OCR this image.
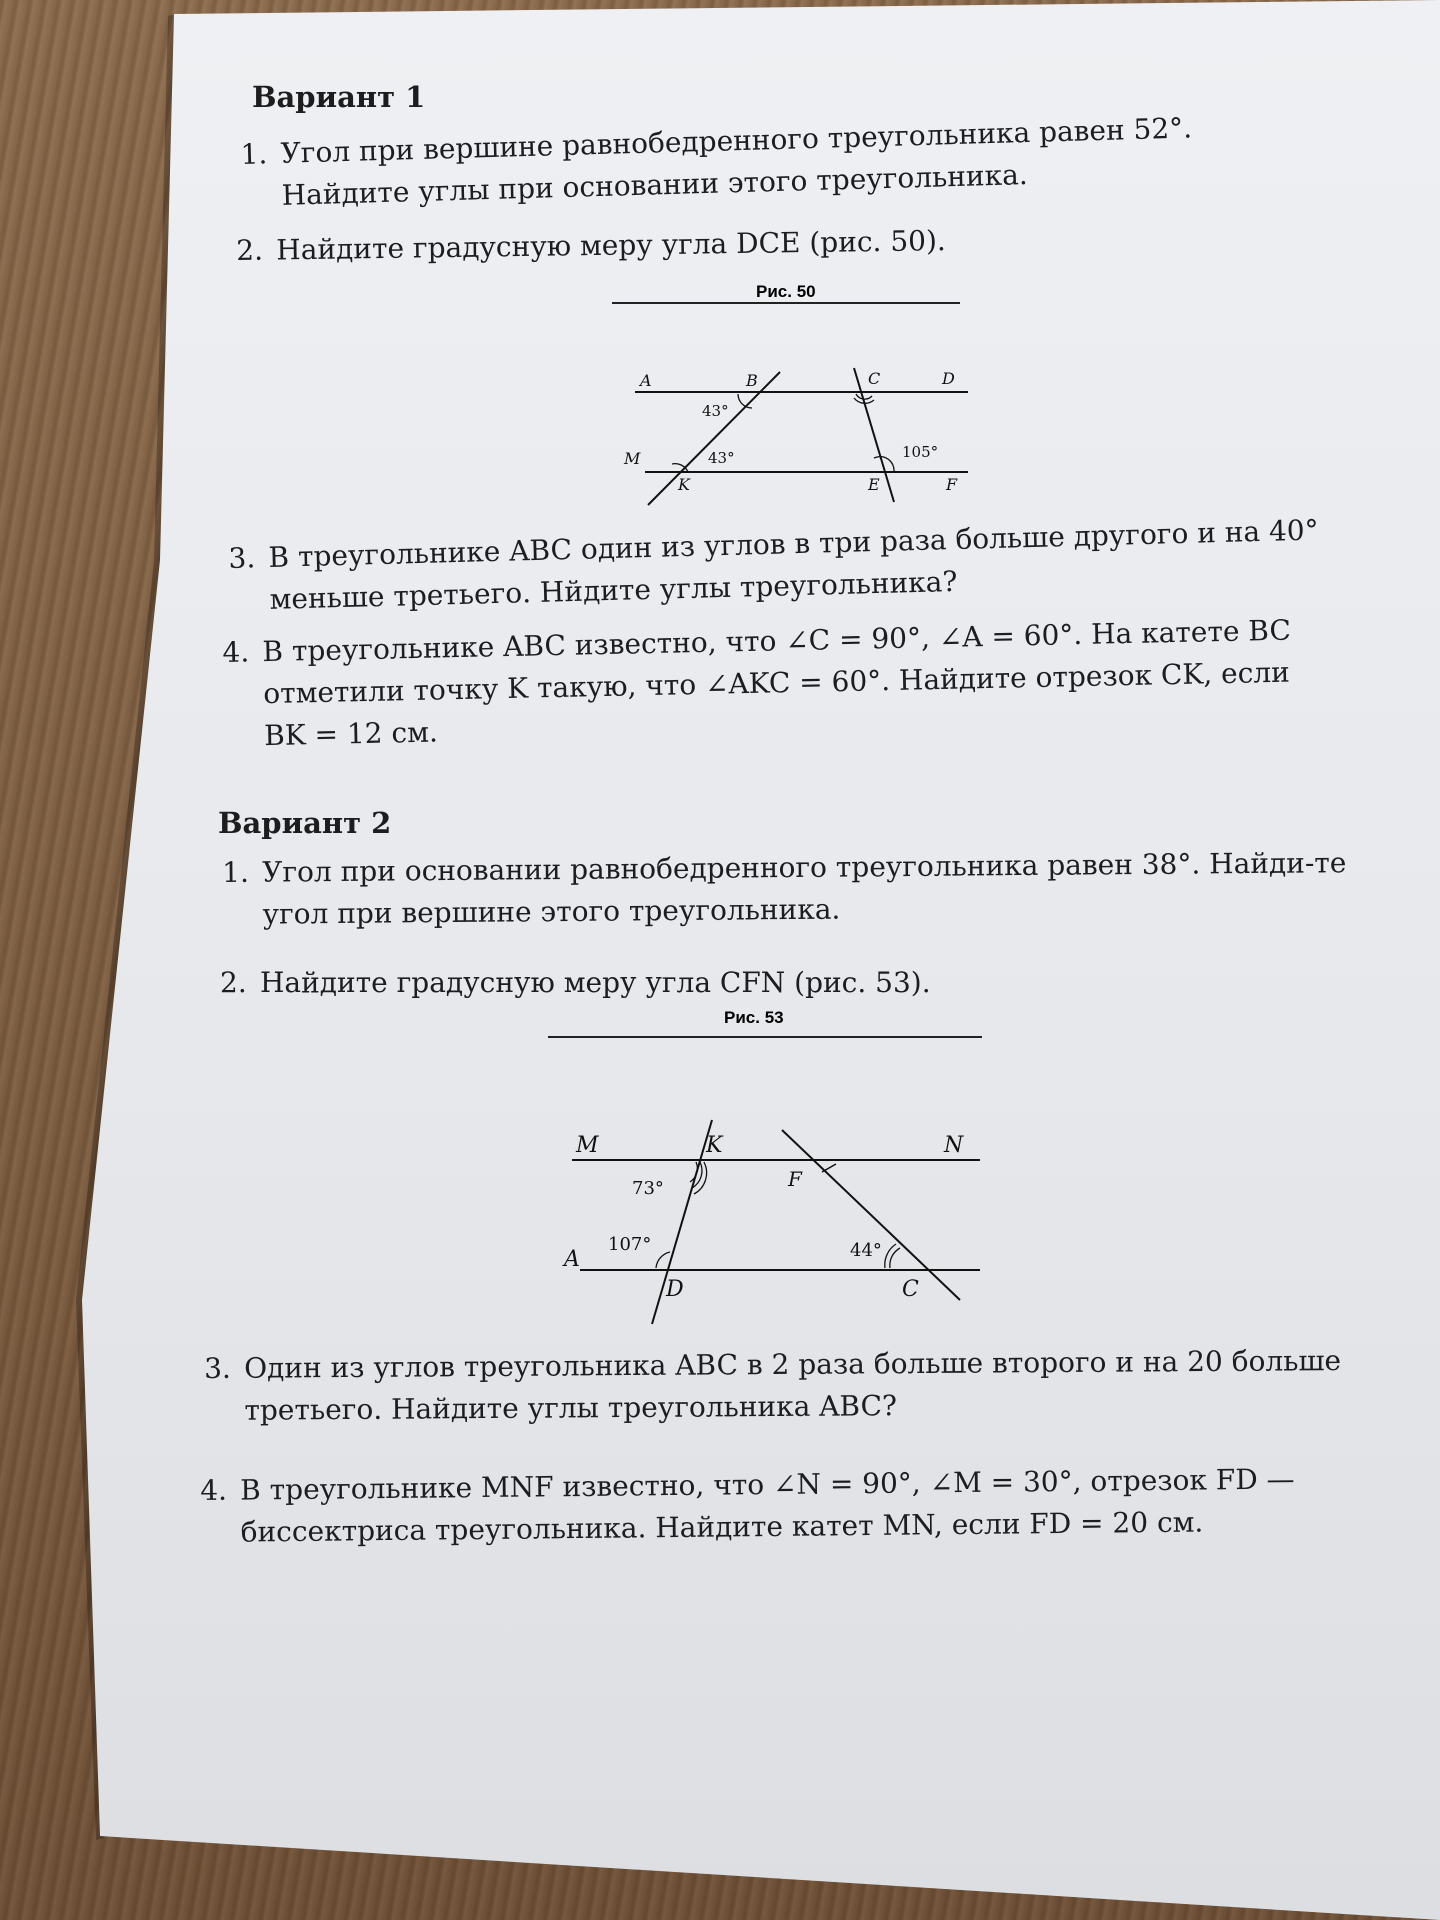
Вариант 1
1. Угол при вершине равнобедренного треугольника равен 52°. Найдите углы при основании этого треугольника.
2. Найдите градусную меру угла DCE (рис. 50).
Рис. 50
A	B	C	D
M
K	E	F
43°
43°	105°
3. В треугольнике ABC один из углов в три раза больше другого и на 40° меньше третьего. Нйдите углы треугольника?
4. В треугольнике ABC известно, что ∠C = 90°, ∠A = 60°. На катете BC отметили точку K такую, что ∠AKC = 60°. Найдите отрезок CK, если BK = 12 см.
Вариант 2
1. Угол при основании равнобедренного треугольника равен 38°. Найди-те угол при вершине этого треугольника.
2. Найдите градусную меру угла CFN (рис. 53).
Рис. 53
M	K	N
F
A
D	C
73°
107°	44°
3. Один из углов треугольника ABC в 2 раза больше второго и на 20 больше третьего. Найдите углы треугольника ABC?
4. В треугольнике MNF известно, что ∠N = 90°, ∠M = 30°, отрезок FD — биссектриса треугольника. Найдите катет MN, если FD = 20 см.
